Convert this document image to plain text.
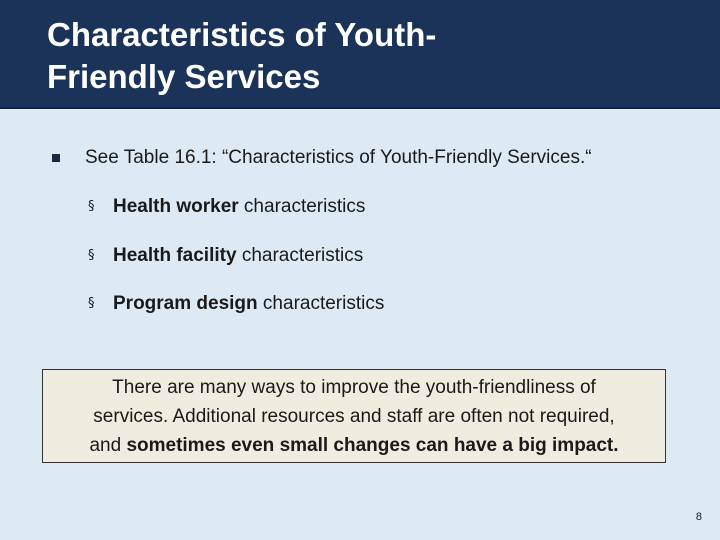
Characteristics of Youth-
Friendly Services
See Table 16.1: “Characteristics of Youth-Friendly Services.“
§ Health worker characteristics
§ Health facility characteristics
§ Program design characteristics
There are many ways to improve the youth-friendliness of
services. Additional resources and staff are often not required,
and sometimes even small changes can have a big impact.
8
